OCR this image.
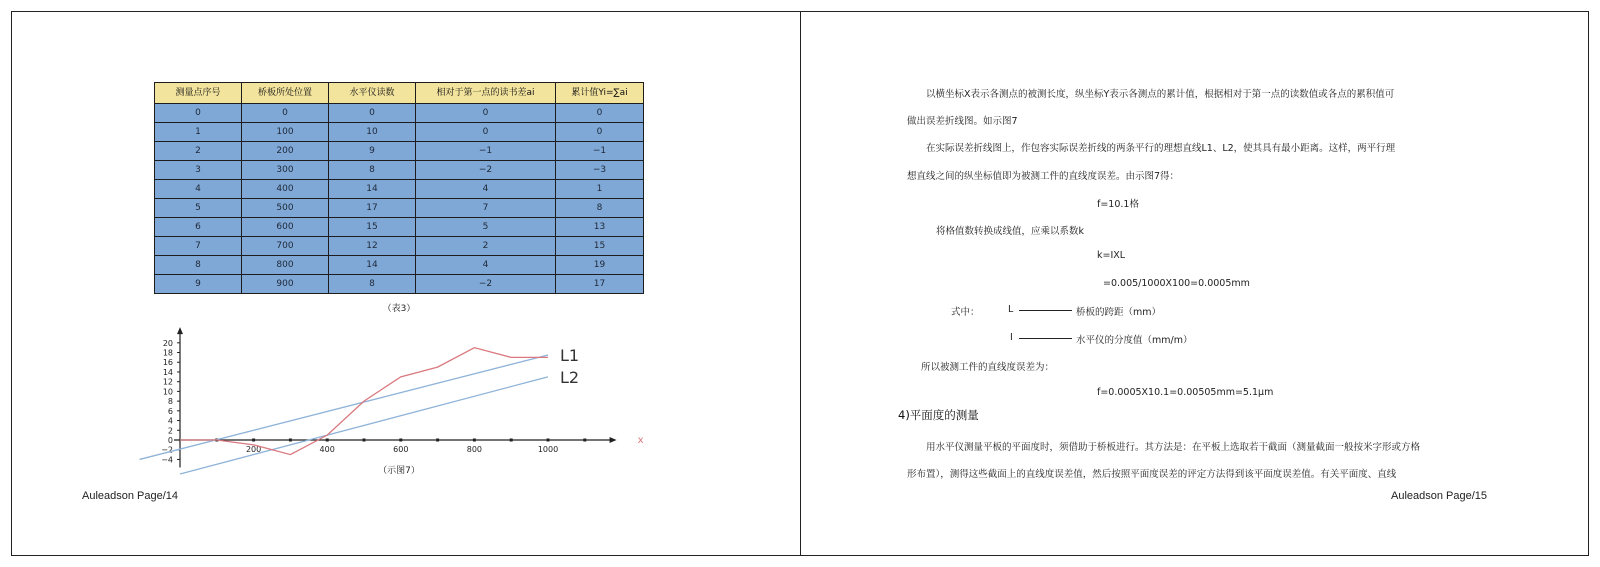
测量点序号	桥板所处位置	水平仪读数	相对于第一点的读书差ai	累计值Yi=∑ai
0	0	0	0	0
1	100	10	0	0
2	200	9	−1	−1
3	300	8	−2	−3
4	400	14	4	1
5	500	17	7	8
6	600	15	5	13
7	700	12	2	15
8	800	14	4	19
9	900	8	−2	17
（表3）
20
18
16
14
12
10
8
6
4
2
0
−2
−4
200	400	600	800	1000
x
L1
L2
（示图7）
Auleadson Page/14
以横坐标X表示各测点的被测长度，纵坐标Y表示各测点的累计值，根据相对于第一点的读数值或各点的累积值可
做出误差折线图。如示图7
在实际误差折线图上，作包容实际误差折线的两条平行的理想直线L1、L2，使其具有最小距离。这样，两平行理
想直线之间的纵坐标值即为被测工件的直线度误差。由示图7得：
f=10.1格
将格值数转换成线值，应乘以系数k
k=IXL
=0.005/1000X100=0.0005mm
式中：	L	桥板的跨距（mm）
I	水平仪的分度值（mm/m）
所以被测工件的直线度误差为：
f=0.0005X10.1=0.00505mm=5.1μm
4)平面度的测量
用水平仪测量平板的平面度时，须借助于桥板进行。其方法是：在平板上选取若干截面（测量截面一般按米字形或方格
形布置），测得这些截面上的直线度误差值，然后按照平面度误差的评定方法得到该平面度误差值。有关平面度、直线
Auleadson Page/15
